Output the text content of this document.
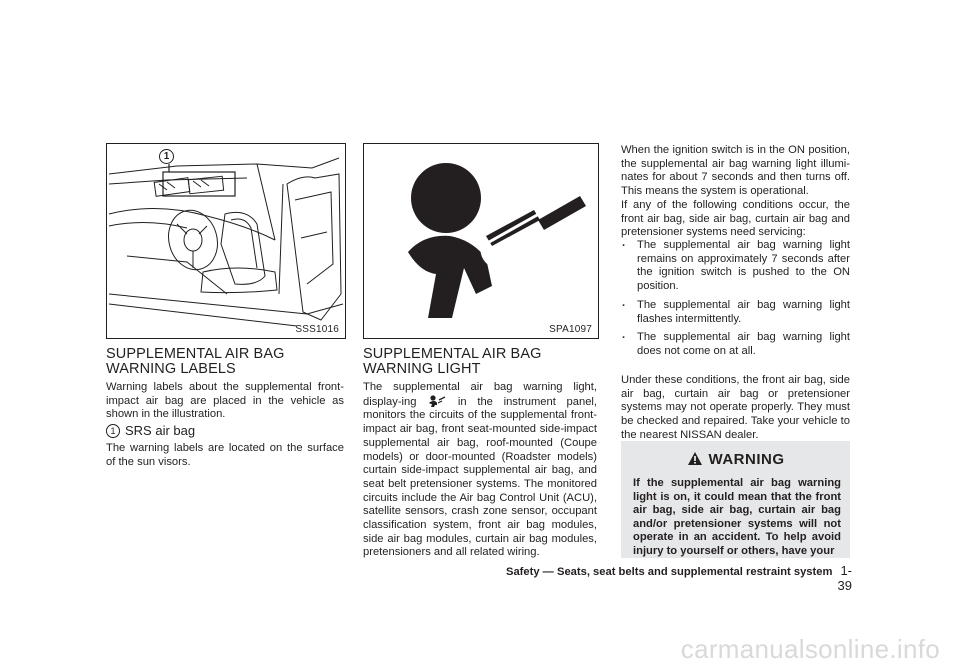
1
SSS1016	SPA1097
SUPPLEMENTAL AIR BAG WARNING LABELS

Warning labels about the supplemental front-impact air bag are placed in the vehicle as shown in the illustration.

1 SRS air bag

The warning labels are located on the surface of the sun visors.

SUPPLEMENTAL AIR BAG WARNING LIGHT

The supplemental air bag warning light, display-ing	in the instrument panel, monitors the circuits of the supplemental front-impact air bag, front seat-mounted side-impact supplemental air bag, roof-mounted (Coupe models) or door-mounted (Roadster models) curtain side-impact supplemental air bag, and seat belt pretensioner systems. The monitored circuits include the Air bag Control Unit (ACU), satellite sensors, crash zone sensor, occupant classification system, front air bag modules, side air bag modules, curtain air bag modules, pretensioners and all related wiring.

When the ignition switch is in the ON position, the supplemental air bag warning light illumi-nates for about 7 seconds and then turns off. This means the system is operational.

If any of the following conditions occur, the front air bag, side air bag, curtain air bag and pretensioner systems need servicing:

. The supplemental air bag warning light remains on approximately 7 seconds after the ignition switch is pushed to the ON position.
. The supplemental air bag warning light flashes intermittently.
. The supplemental air bag warning light does not come on at all.

Under these conditions, the front air bag, side air bag, curtain air bag or pretensioner systems may not operate properly. They must be checked and repaired. Take your vehicle to the nearest NISSAN dealer.

WARNING

If the supplemental air bag warning light is on, it could mean that the front air bag, side air bag, curtain air bag and/or pretensioner systems will not operate in an accident. To help avoid injury to yourself or others, have your

Safety — Seats, seat belts and supplemental restraint system 1-39
carmanualsonline.info
